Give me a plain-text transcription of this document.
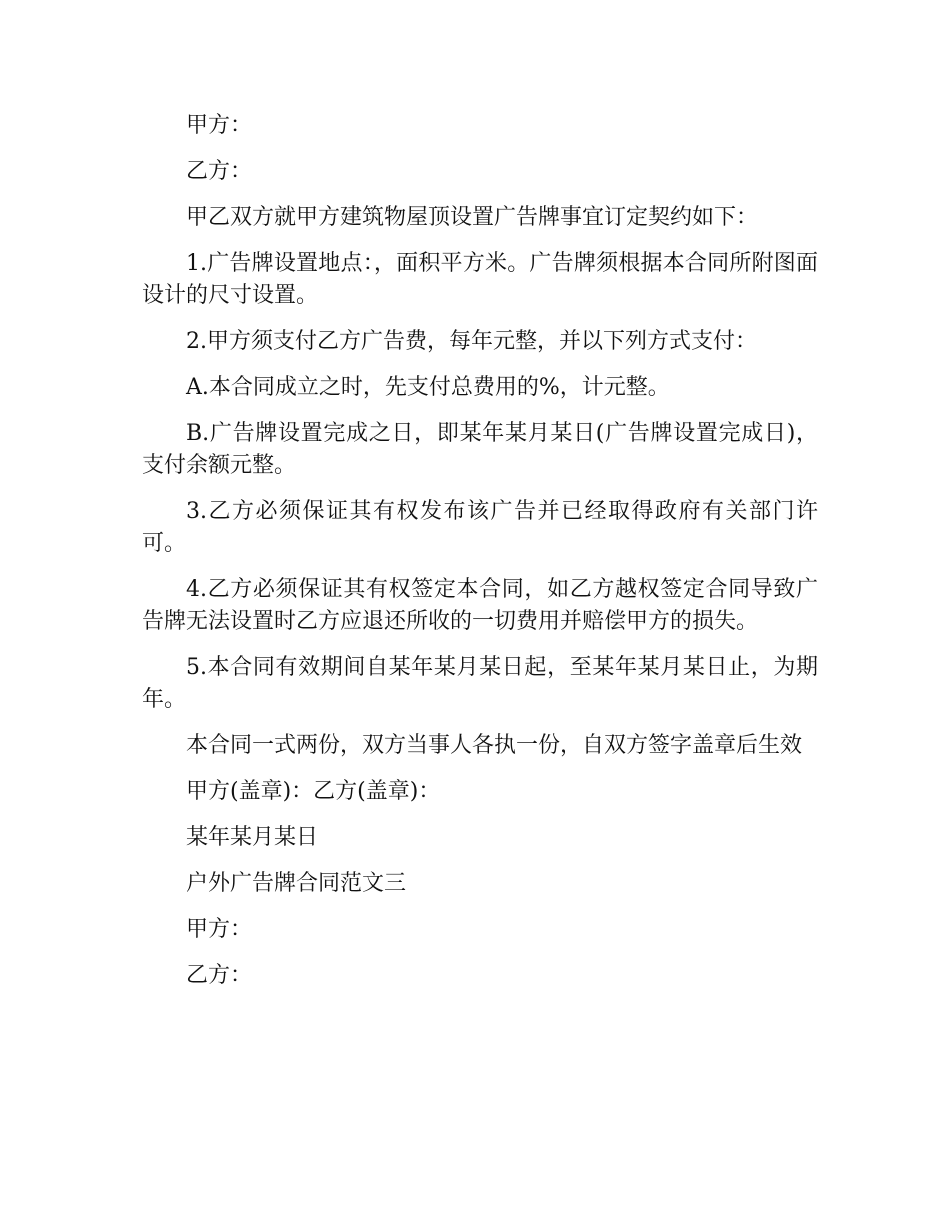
甲方：

乙方：

甲乙双方就甲方建筑物屋顶设置广告牌事宜订定契约如下：

1.广告牌设置地点：，面积平方米。广告牌须根据本合同所附图面设计的尺寸设置。

2.甲方须支付乙方广告费，每年元整，并以下列方式支付：

A.本合同成立之时，先支付总费用的%，计元整。

B.广告牌设置完成之日，即某年某月某日(广告牌设置完成日)，支付余额元整。

3.乙方必须保证其有权发布该广告并已经取得政府有关部门许可。

4.乙方必须保证其有权签定本合同，如乙方越权签定合同导致广告牌无法设置时乙方应退还所收的一切费用并赔偿甲方的损失。

5.本合同有效期间自某年某月某日起，至某年某月某日止，为期年。

本合同一式两份，双方当事人各执一份，自双方签字盖章后生效

甲方(盖章)：乙方(盖章)：

某年某月某日

户外广告牌合同范文三

甲方：

乙方：
